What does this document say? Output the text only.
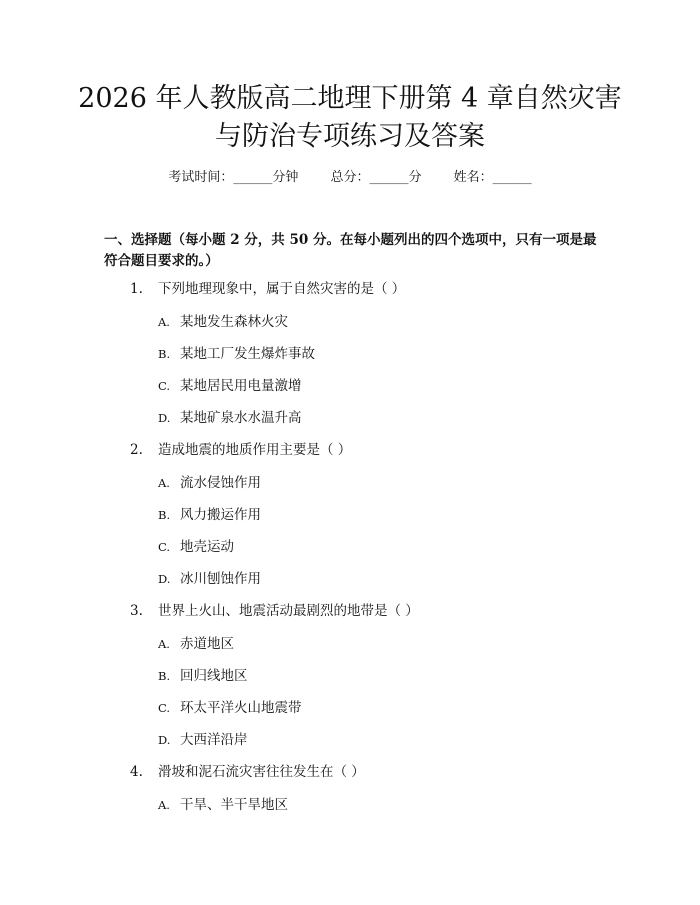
2026 年人教版高二地理下册第 4 章自然灾害
与防治专项练习及答案
考试时间：______分钟 总分：______分 姓名：______
一、选择题（每小题 2 分，共 50 分。在每小题列出的四个选项中，只有一项是最符合题目要求的。）
1. 下列地理现象中，属于自然灾害的是（ ）
A. 某地发生森林火灾
B. 某地工厂发生爆炸事故
C. 某地居民用电量激增
D. 某地矿泉水水温升高
2. 造成地震的地质作用主要是（ ）
A. 流水侵蚀作用
B. 风力搬运作用
C. 地壳运动
D. 冰川刨蚀作用
3. 世界上火山、地震活动最剧烈的地带是（ ）
A. 赤道地区
B. 回归线地区
C. 环太平洋火山地震带
D. 大西洋沿岸
4. 滑坡和泥石流灾害往往发生在（ ）
A. 干旱、半干旱地区
